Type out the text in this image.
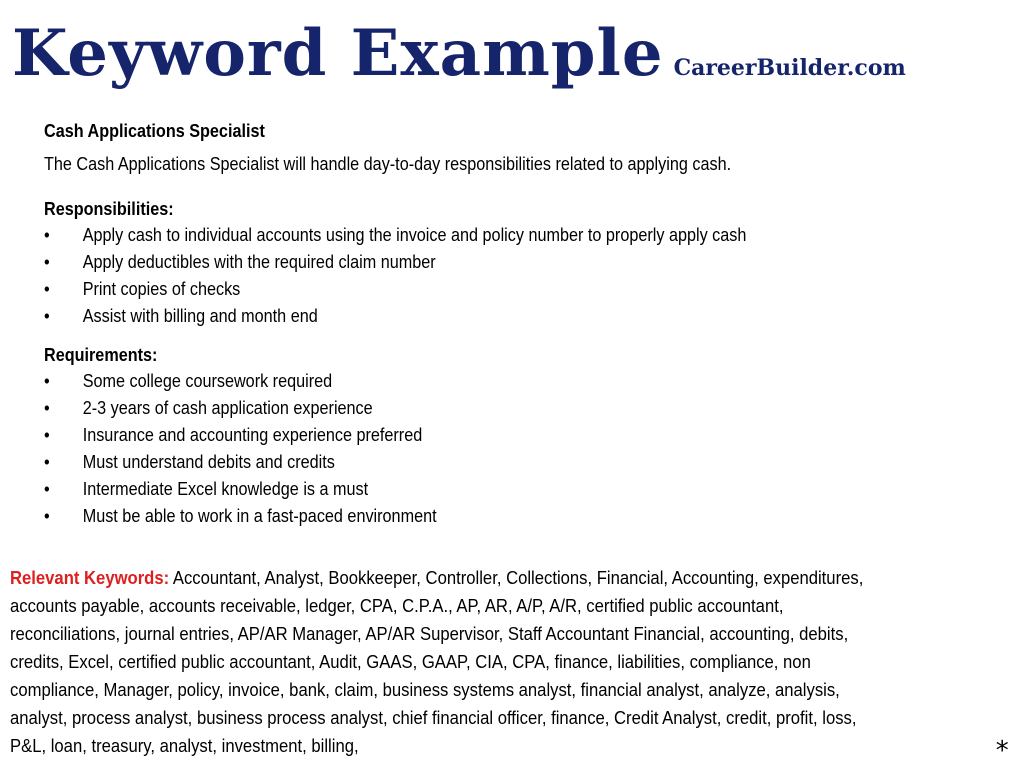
Keyword Example CareerBuilder.com
Cash Applications Specialist
The Cash Applications Specialist will handle day-to-day responsibilities related to applying cash.
Responsibilities:
• Apply cash to individual accounts using the invoice and policy number to properly apply cash
• Apply deductibles with the required claim number
• Print copies of checks
• Assist with billing and month end
Requirements:
• Some college coursework required
• 2-3 years of cash application experience
• Insurance and accounting experience preferred
• Must understand debits and credits
• Intermediate Excel knowledge is a must
• Must be able to work in a fast-paced environment
Relevant Keywords: Accountant, Analyst, Bookkeeper, Controller, Collections, Financial, Accounting, expenditures,
accounts payable, accounts receivable, ledger, CPA, C.P.A., AP, AR, A/P, A/R, certified public accountant,
reconciliations, journal entries, AP/AR Manager, AP/AR Supervisor, Staff Accountant Financial, accounting, debits,
credits, Excel, certified public accountant, Audit, GAAS, GAAP, CIA, CPA, finance, liabilities, compliance, non
compliance, Manager, policy, invoice, bank, claim, business systems analyst, financial analyst, analyze, analysis,
analyst, process analyst, business process analyst, chief financial officer, finance, Credit Analyst, credit, profit, loss,
P&L, loan, treasury, analyst, investment, billing,	*
